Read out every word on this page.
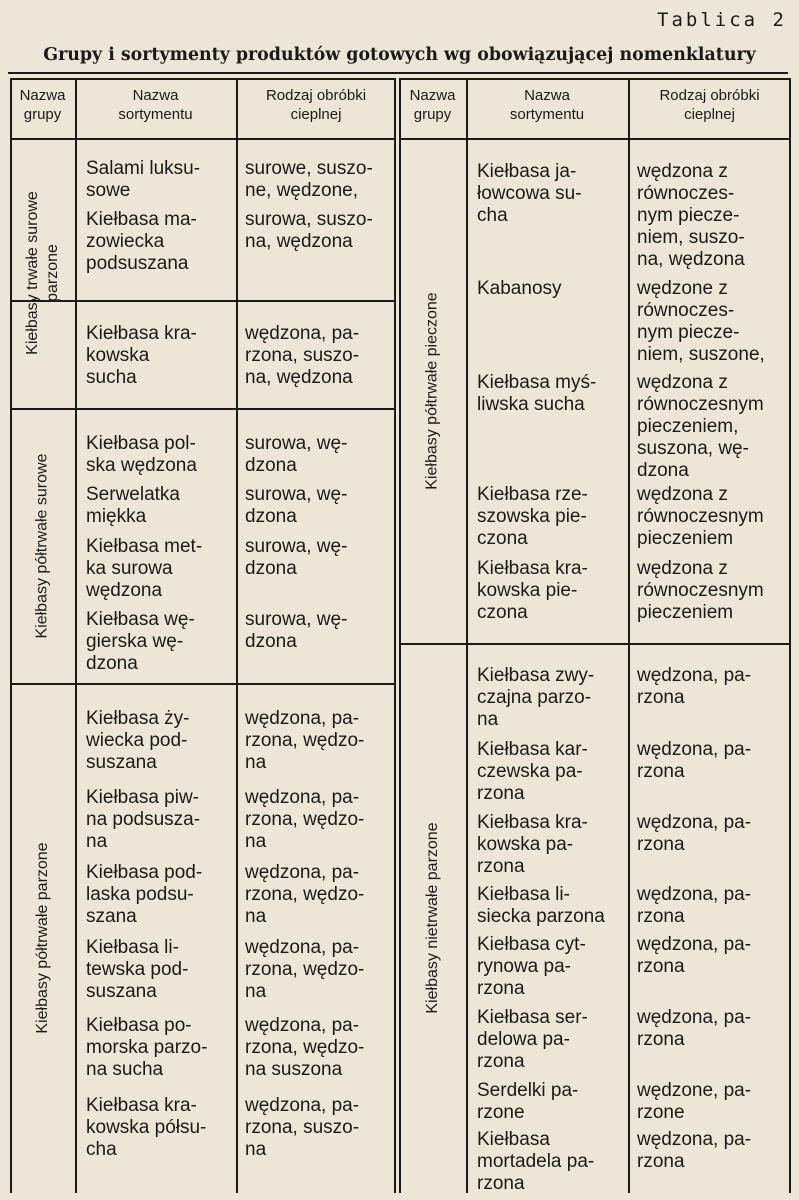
Tablica 2
Grupy i sortymenty produktów gotowych wg obowiązującej nomenklatury
Nazwa
grupy
Nazwa
sortymentu
Rodzaj obróbki
cieplnej
Kiełbasy trwałe surowe
parzone
Kiełbasy półtrwałe surowe
Kiełbasy półtrwałe parzone
Salami luksu-
sowe
surowe, suszo-
ne, wędzone,
Kiełbasa ma-
zowiecka
podsuszana
surowa, suszo-
na, wędzona
Kiełbasa kra-
kowska
sucha
wędzona, pa-
rzona, suszo-
na, wędzona
Kiełbasa pol-
ska wędzona
surowa, wę-
dzona
Serwelatka
miękka
surowa, wę-
dzona
Kiełbasa met-
ka surowa
wędzona
surowa, wę-
dzona
Kiełbasa wę-
gierska wę-
dzona
surowa, wę-
dzona
Kiełbasa ży-
wiecka pod-
suszana
wędzona, pa-
rzona, wędzo-
na
Kiełbasa piw-
na podsusza-
na
wędzona, pa-
rzona, wędzo-
na
Kiełbasa pod-
laska podsu-
szana
wędzona, pa-
rzona, wędzo-
na
Kiełbasa li-
tewska pod-
suszana
wędzona, pa-
rzona, wędzo-
na
Kiełbasa po-
morska parzo-
na sucha
wędzona, pa-
rzona, wędzo-
na suszona
Kiełbasa kra-
kowska półsu-
cha
wędzona, pa-
rzona, suszo-
na
Nazwa
grupy
Nazwa
sortymentu
Rodzaj obróbki
cieplnej
Kiełbasy półtrwałe pieczone
Kiełbasy nietrwałe parzone
Kiełbasa ja-
łowcowa su-
cha
wędzona z
równoczes-
nym piecze-
niem, suszo-
na, wędzona
Kabanosy	wędzone z
równoczes-
nym piecze-
niem, suszone,
Kiełbasa myś-
liwska sucha
wędzona z
równoczesnym
pieczeniem,
suszona, wę-
dzona
Kiełbasa rze-
szowska pie-
czona
wędzona z
równoczesnym
pieczeniem
Kiełbasa kra-
kowska pie-
czona
wędzona z
równoczesnym
pieczeniem
Kiełbasa zwy-
czajna parzo-
na
wędzona, pa-
rzona
Kiełbasa kar-
czewska pa-
rzona
wędzona, pa-
rzona
Kiełbasa kra-
kowska pa-
rzona
wędzona, pa-
rzona
Kiełbasa li-
siecka parzona
wędzona, pa-
rzona
Kiełbasa cyt-
rynowa pa-
rzona
wędzona, pa-
rzona
Kiełbasa ser-
delowa pa-
rzona
wędzona, pa-
rzona
Serdelki pa-
rzone
wędzone, pa-
rzone
Kiełbasa
mortadela pa-
rzona
wędzona, pa-
rzona
